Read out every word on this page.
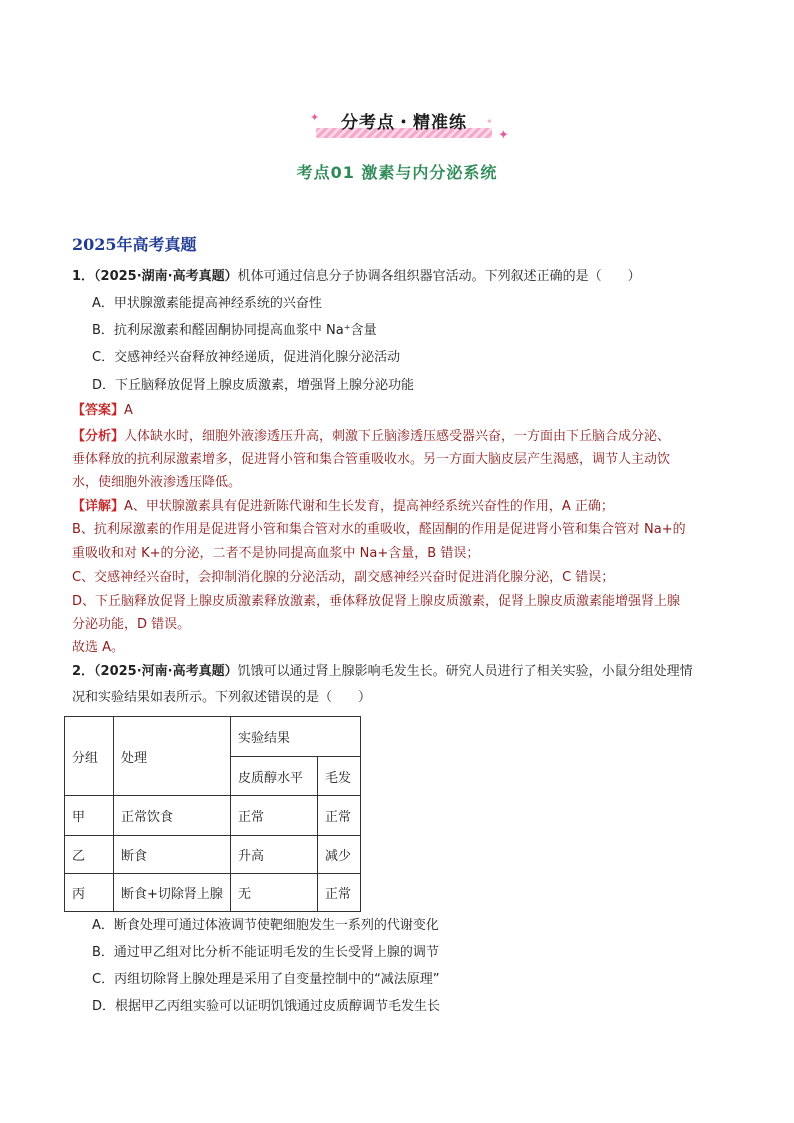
分考点・精准练
✦
✦
✦
考点01 激素与内分泌系统
2025年高考真题
1．（2025·湖南·高考真题）机体可通过信息分子协调各组织器官活动。下列叙述正确的是（　　）
A．甲状腺激素能提高神经系统的兴奋性
B．抗利尿激素和醛固酮协同提高血浆中 Na⁺含量
C．交感神经兴奋释放神经递质，促进消化腺分泌活动
D．下丘脑释放促肾上腺皮质激素，增强肾上腺分泌功能
【答案】A
【分析】人体缺水时，细胞外液渗透压升高，刺激下丘脑渗透压感受器兴奋，一方面由下丘脑合成分泌、
垂体释放的抗利尿激素增多，促进肾小管和集合管重吸收水。另一方面大脑皮层产生渴感，调节人主动饮
水，使细胞外液渗透压降低。
【详解】A、甲状腺激素具有促进新陈代谢和生长发育，提高神经系统兴奋性的作用，A 正确；
B、抗利尿激素的作用是促进肾小管和集合管对水的重吸收，醛固酮的作用是促进肾小管和集合管对 Na+的
重吸收和对 K+的分泌，二者不是协同提高血浆中 Na+含量，B 错误；
C、交感神经兴奋时，会抑制消化腺的分泌活动，副交感神经兴奋时促进消化腺分泌，C 错误；
D、下丘脑释放促肾上腺皮质激素释放激素，垂体释放促肾上腺皮质激素，促肾上腺皮质激素能增强肾上腺
分泌功能，D 错误。
故选 A。
2．（2025·河南·高考真题）饥饿可以通过肾上腺影响毛发生长。研究人员进行了相关实验，小鼠分组处理情
况和实验结果如表所示。下列叙述错误的是（　　）
分组	处理	实验结果	
		皮质醇水平	毛发
甲	正常饮食	正常	正常
乙	断食	升高	减少
丙	断食+切除肾上腺	无	正常
A．断食处理可通过体液调节使靶细胞发生一系列的代谢变化
B．通过甲乙组对比分析不能证明毛发的生长受肾上腺的调节
C．丙组切除肾上腺处理是采用了自变量控制中的“减法原理”
D．根据甲乙丙组实验可以证明饥饿通过皮质醇调节毛发生长
